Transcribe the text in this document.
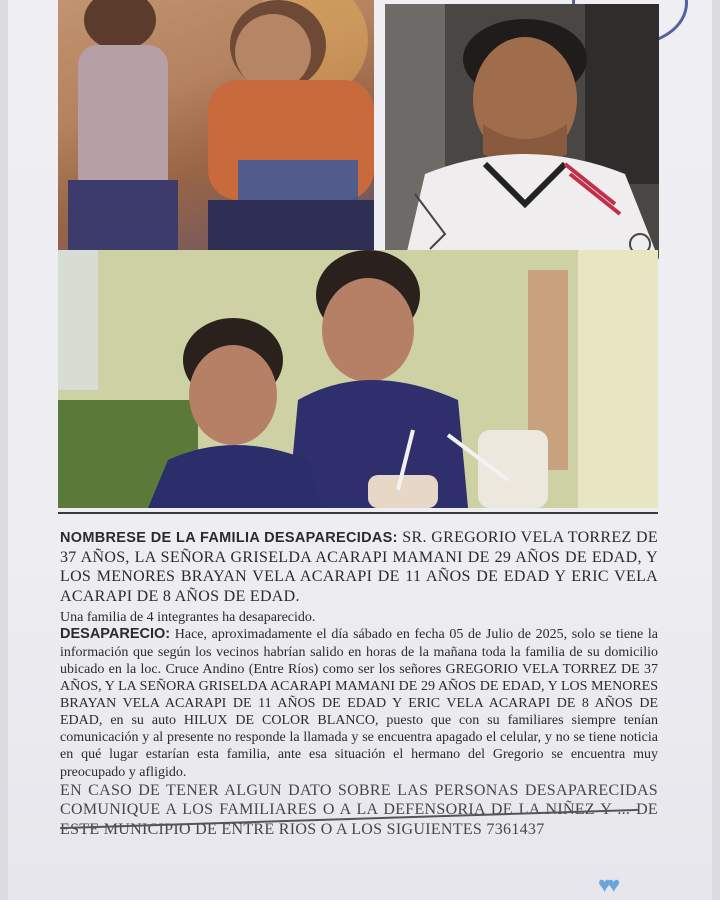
NOMBRESE DE LA FAMILIA DESAPARECIDAS: SR. GREGORIO VELA TORREZ DE 37 AÑOS, LA SEÑORA GRISELDA ACARAPI MAMANI DE 29 AÑOS DE EDAD, Y LOS MENORES BRAYAN VELA ACARAPI DE 11 AÑOS DE EDAD Y ERIC VELA ACARAPI DE 8 AÑOS DE EDAD.

Una familia de 4 integrantes ha desaparecido.

DESAPARECIO: Hace, aproximadamente el día sábado en fecha 05 de Julio de 2025, solo se tiene la información que según los vecinos habrían salido en horas de la mañana toda la familia de su domicilio ubicado en la loc. Cruce Andino (Entre Ríos) como ser los señores GREGORIO VELA TORREZ DE 37 AÑOS, Y LA SEÑORA GRISELDA ACARAPI MAMANI DE 29 AÑOS DE EDAD, Y LOS MENORES BRAYAN VELA ACARAPI DE 11 AÑOS DE EDAD Y ERIC VELA ACARAPI DE 8 AÑOS DE EDAD, en su auto HILUX DE COLOR BLANCO, puesto que con su familiares siempre tenían comunicación y al presente no responde la llamada y se encuentra apagado el celular, y no se tiene noticia en qué lugar estarían esta familia, ante esa situación el hermano del Gregorio se encuentra muy preocupado y afligido.

EN CASO DE TENER ALGUN DATO SOBRE LAS PERSONAS DESAPARECIDAS COMUNIQUE A LOS FAMILIARES O A LA DEFENSORIA DE LA NIÑEZ Y ... DE ESTE MUNICIPIO DE ENTRE RIOS O A LOS SIGUIENTES 7361437

♥♥
